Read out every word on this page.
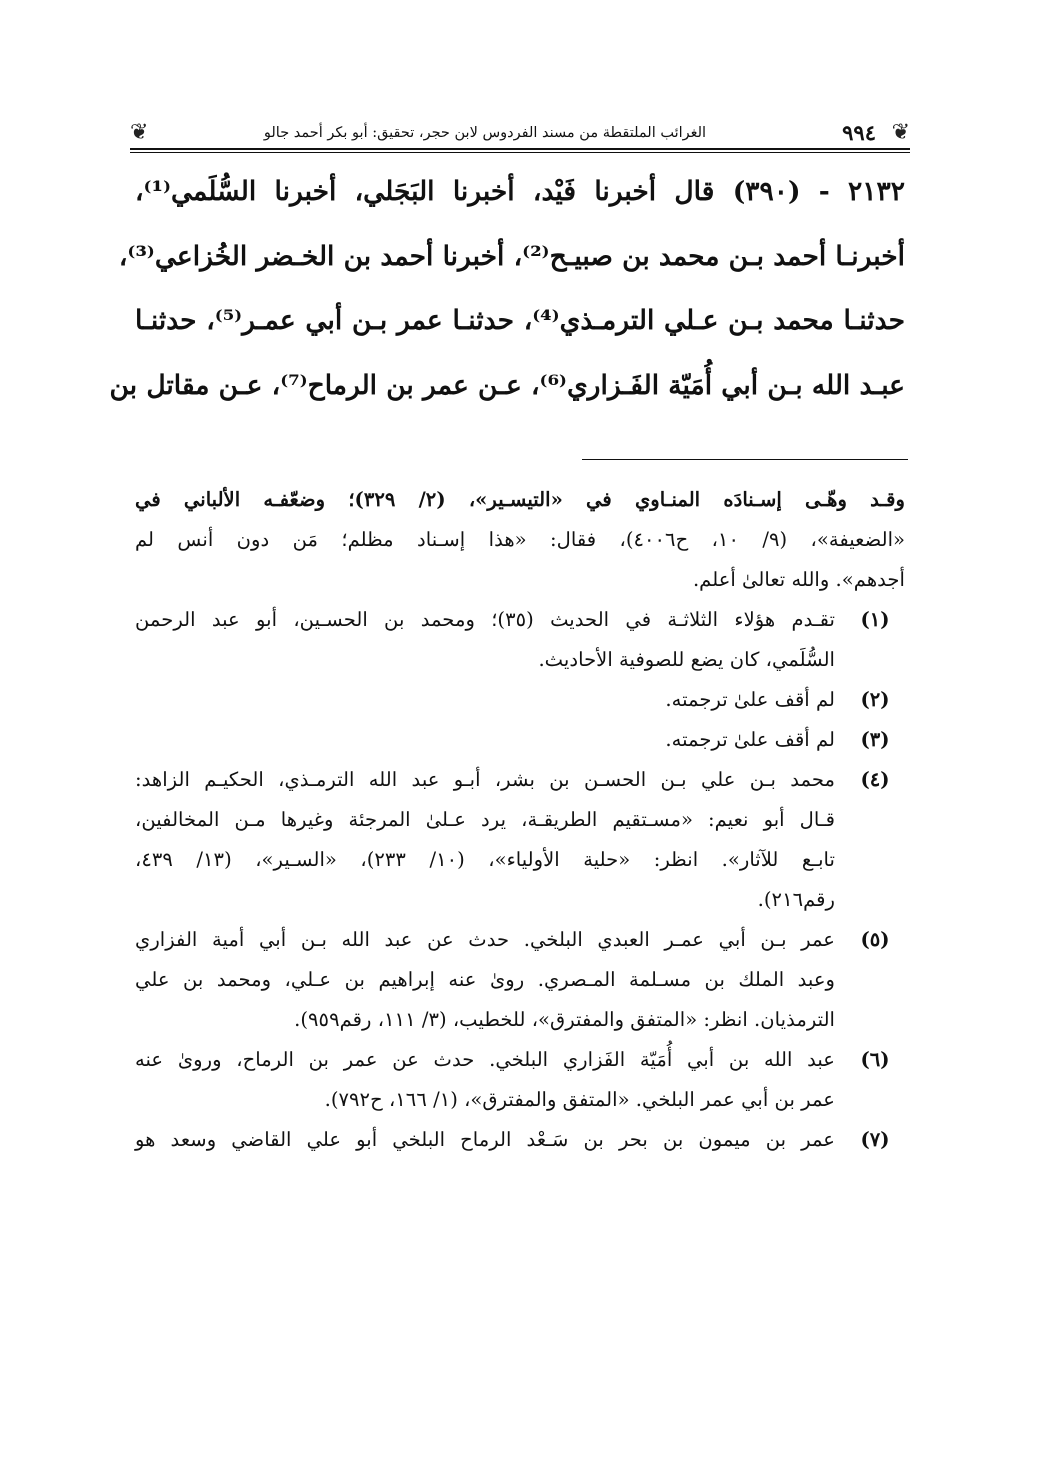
❦
٩٩٤
الغرائب الملتقطة من مسند الفردوس لابن حجر، تحقيق: أبو بكر أحمد جالو
❦
٢١٣٢ - (٣٩٠) قال أخبرنا فَيْد، أخبرنا البَجَلي، أخبرنا السُّلَمي⁽¹⁾،
أخبرنـا أحمد بـن محمد بن صبيـح⁽²⁾، أخبرنا أحمد بن الخـضر الخُزاعي⁽³⁾،
حدثنـا محمد بـن عـلي الترمـذي⁽⁴⁾، حدثنـا عمر بـن أبي عمـر⁽⁵⁾، حدثنـا
عبـد الله بـن أبي أُمَيّة الفَـزاري⁽⁶⁾، عـن عمر بن الرماح⁽⁷⁾، عـن مقاتل بن
وقـد وهّـى إسـنادَه المنـاوي في «التيسـير»، (٢/ ٣٢٩)؛ وضعّفـه الألباني في
«الضعيفة»، (٩/ ١٠، ح٤٠٠٦)، فقال: «هذا إسـناد مظلم؛ مَن دون أنس لم
أجدهم». والله تعالىٰ أعلم.
(١)
تقـدم هؤلاء الثلاثـة في الحديث (٣٥)؛ ومحمد بن الحسـين، أبو عبد الرحمن
السُّلَمي، كان يضع للصوفية الأحاديث.
(٢)
لم أقف علىٰ ترجمته.
(٣)
لم أقف علىٰ ترجمته.
(٤)
محمد بـن علي بـن الحسـن بن بشر، أبـو عبد الله الترمـذي، الحكيـم الزاهد:
قـال أبو نعيم: «مسـتقيم الطريقـة، يرد عـلىٰ المرجئة وغيرها مـن المخالفين،
تابـع للآثار». انظر: «حلية الأولياء»، (١٠/ ٢٣٣)، «السـير»، (١٣/ ٤٣٩،
رقم٢١٦).
(٥)
عمر بـن أبي عمـر العبدي البلخي. حدث عن عبد الله بـن أبي أمية الفزاري
وعبد الملك بن مسـلمة المـصري. روىٰ عنه إبراهيم بن عـلي، ومحمد بن علي
الترمذيان. انظر: «المتفق والمفترق»، للخطيب، (٣/ ١١١، رقم٩٥٩).
(٦)
عبد الله بن أبي أُمَيّة الفَزاري البلخي. حدث عن عمر بن الرماح، وروىٰ عنه
عمر بن أبي عمر البلخي. «المتفق والمفترق»، (١/ ١٦٦، ح٧٩٢).
(٧)
عمر بن ميمون بن بحر بن سَـعْد الرماح البلخي أبو علي القاضي وسعد هو
